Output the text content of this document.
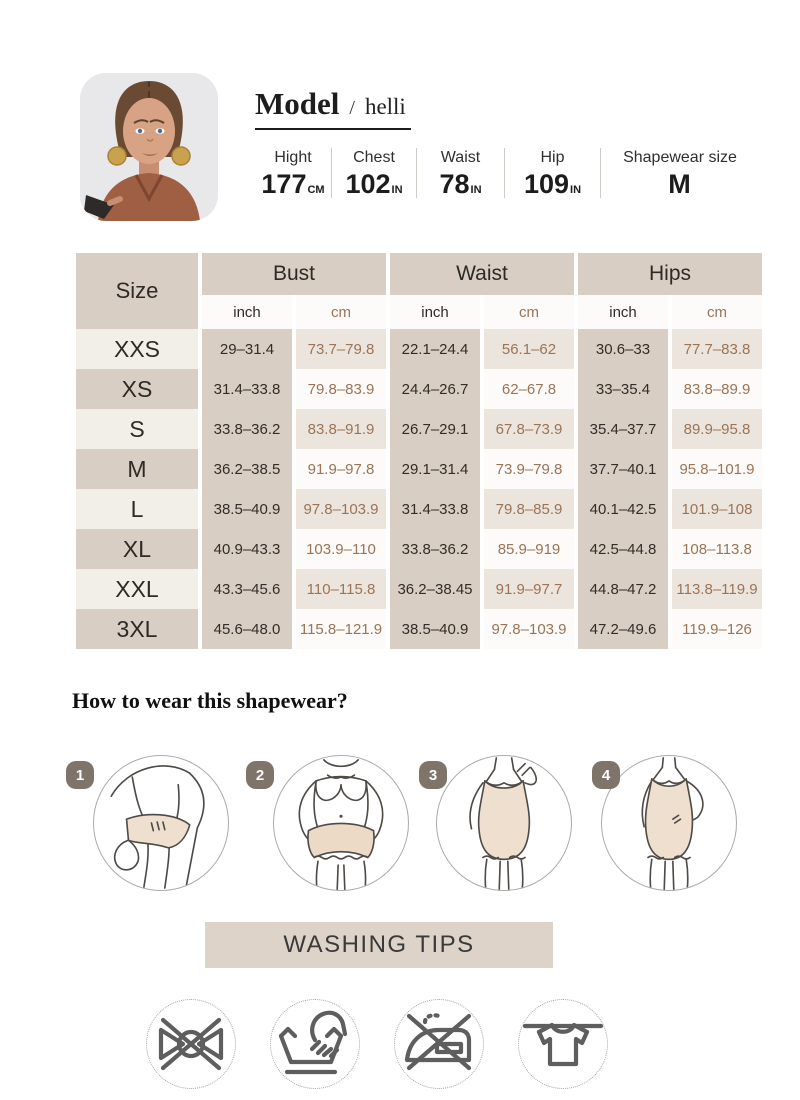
Model / helli
Hight
177CM
Chest
102IN
Waist
78IN
Hip
109IN
Shapewear size
M
Size	Bust		Waist		Hips	
	inch	cm	inch	cm	inch	cm
XXS	29–31.4	73.7–79.8	22.1–24.4	56.1–62	30.6–33	77.7–83.8
XS	31.4–33.8	79.8–83.9	24.4–26.7	62–67.8	33–35.4	83.8–89.9
S	33.8–36.2	83.8–91.9	26.7–29.1	67.8–73.9	35.4–37.7	89.9–95.8
M	36.2–38.5	91.9–97.8	29.1–31.4	73.9–79.8	37.7–40.1	95.8–101.9
L	38.5–40.9	97.8–103.9	31.4–33.8	79.8–85.9	40.1–42.5	101.9–108
XL	40.9–43.3	103.9–110	33.8–36.2	85.9–919	42.5–44.8	108–113.8
XXL	43.3–45.6	110–115.8	36.2–38.45	91.9–97.7	44.8–47.2	113.8–119.9
3XL	45.6–48.0	115.8–121.9	38.5–40.9	97.8–103.9	47.2–49.6	119.9–126
How to wear this shapewear?
1	2	3	4
WASHING TIPS
